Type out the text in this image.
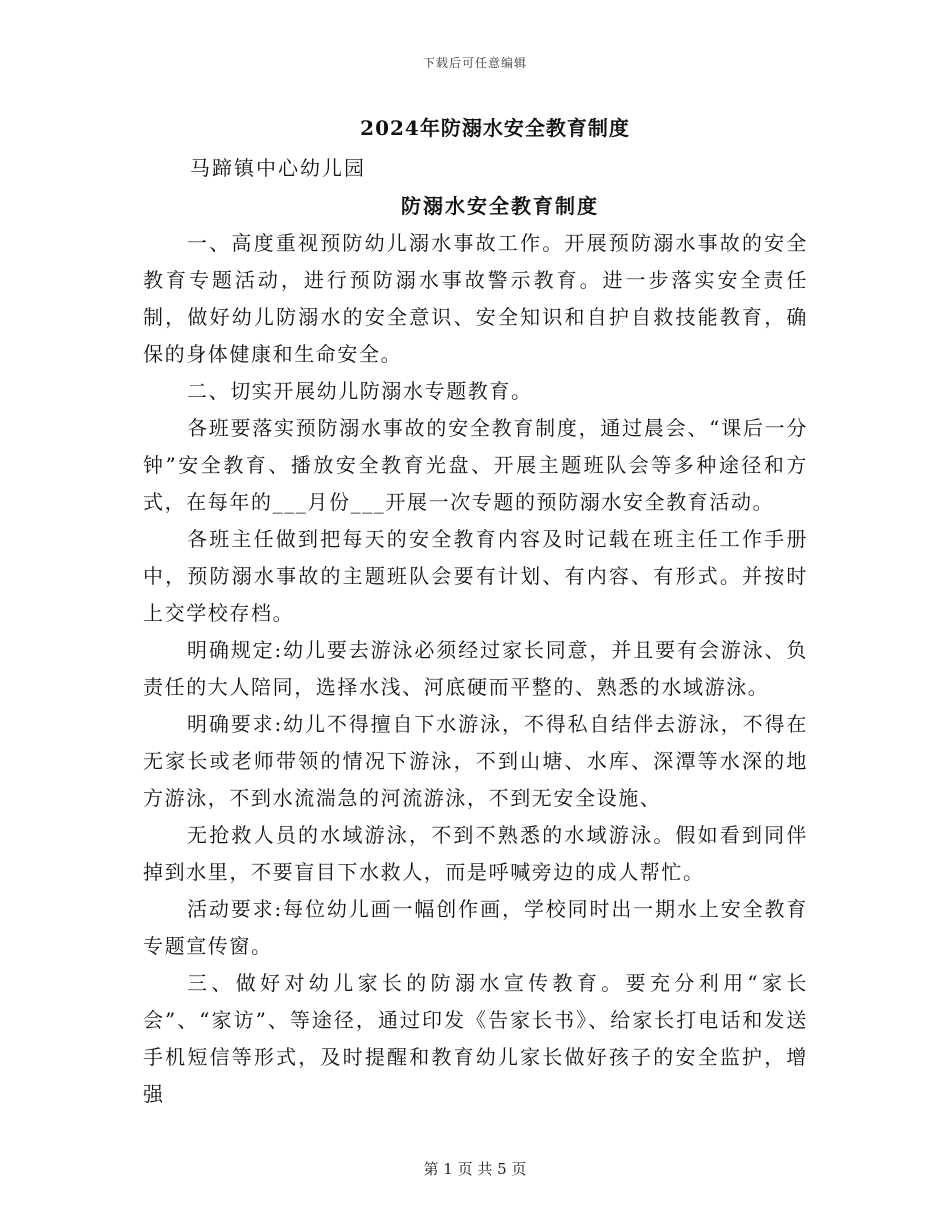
下载后可任意编辑
2024年防溺水安全教育制度
马蹄镇中心幼儿园
防溺水安全教育制度

一、高度重视预防幼儿溺水事故工作。开展预防溺水事故的安全教育专题活动，进行预防溺水事故警示教育。进一步落实安全责任制，做好幼儿防溺水的安全意识、安全知识和自护自救技能教育，确保的身体健康和生命安全。

二、切实开展幼儿防溺水专题教育。

各班要落实预防溺水事故的安全教育制度，通过晨会、“课后一分钟”安全教育、播放安全教育光盘、开展主题班队会等多种途径和方式，在每年的___月份___开展一次专题的预防溺水安全教育活动。

各班主任做到把每天的安全教育内容及时记载在班主任工作手册中，预防溺水事故的主题班队会要有计划、有内容、有形式。并按时上交学校存档。

明确规定:幼儿要去游泳必须经过家长同意，并且要有会游泳、负责任的大人陪同，选择水浅、河底硬而平整的、熟悉的水域游泳。

明确要求:幼儿不得擅自下水游泳，不得私自结伴去游泳，不得在无家长或老师带领的情况下游泳，不到山塘、水库、深潭等水深的地方游泳，不到水流湍急的河流游泳，不到无安全设施、

无抢救人员的水域游泳，不到不熟悉的水域游泳。假如看到同伴掉到水里，不要盲目下水救人，而是呼喊旁边的成人帮忙。

活动要求:每位幼儿画一幅创作画，学校同时出一期水上安全教育专题宣传窗。

三、做好对幼儿家长的防溺水宣传教育。要充分利用“家长会”、“家访”、等途径，通过印发《告家长书》、给家长打电话和发送手机短信等形式，及时提醒和教育幼儿家长做好孩子的安全监护，增强

第 1 页 共 5 页
